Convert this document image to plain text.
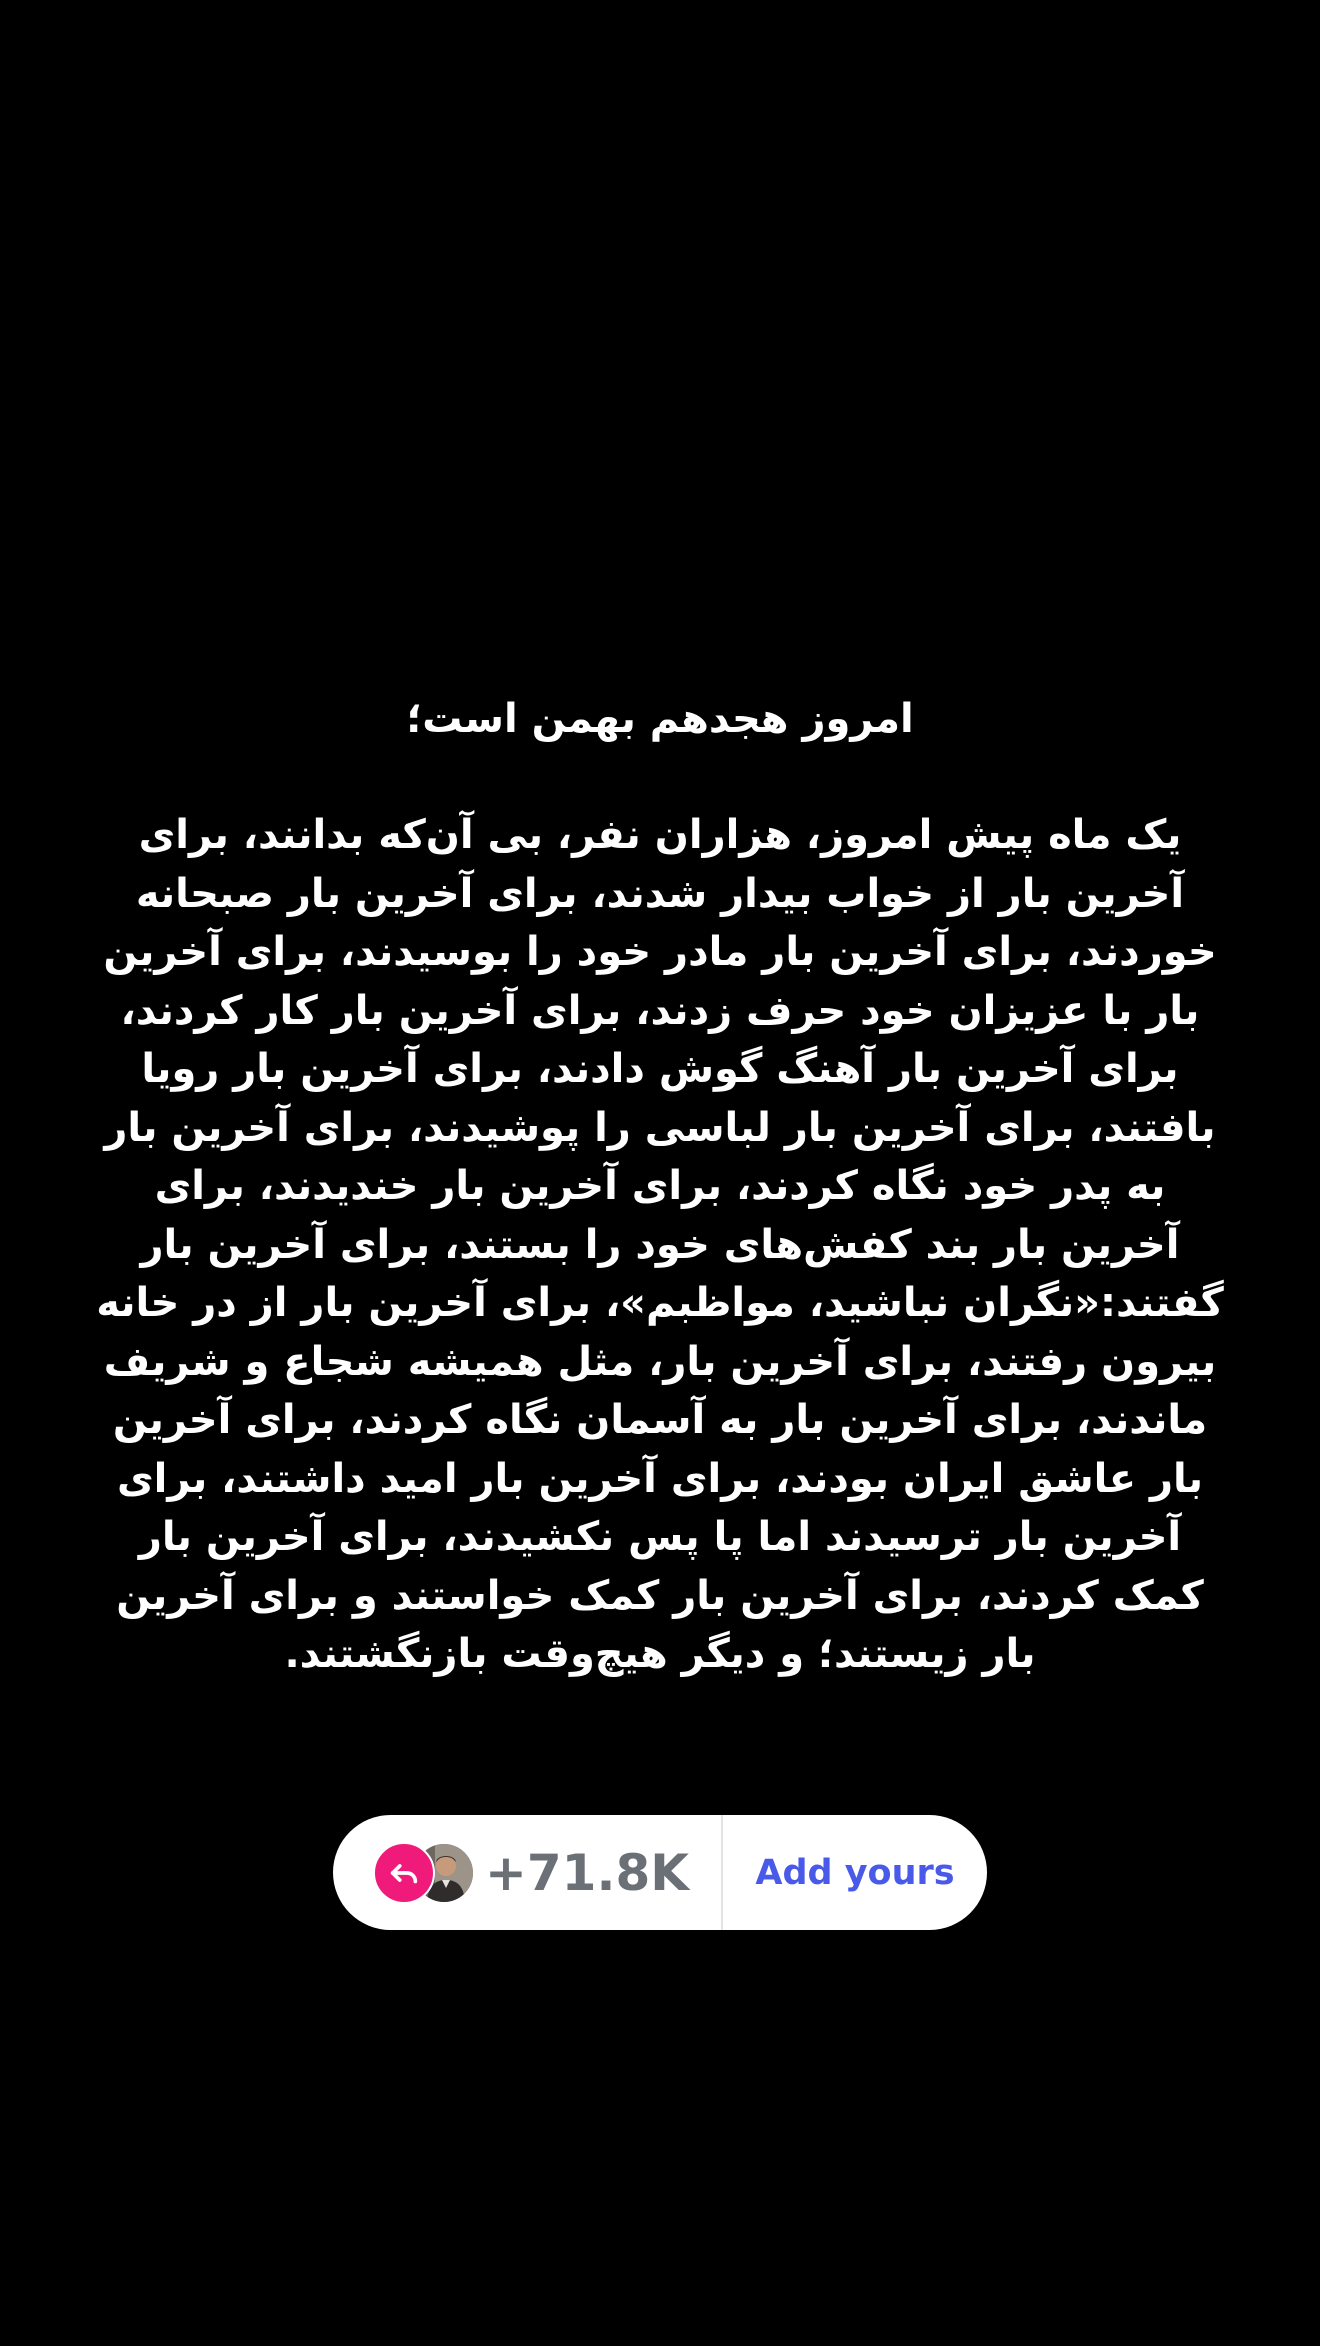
امروز هجدهم بهمن است؛

یک ماه پیش امروز، هزاران نفر، بی آن‌که بدانند، برای آخرین بار از خواب بیدار شدند، برای آخرین بار صبحانه خوردند، برای آخرین بار مادر خود را بوسیدند، برای آخرین بار با عزیزان خود حرف زدند، برای آخرین بار کار کردند، برای آخرین بار آهنگ گوش دادند، برای آخرین بار رویا بافتند، برای آخرین بار لباسی را پوشیدند، برای آخرین بار به پدر خود نگاه کردند، برای آخرین بار خندیدند، برای آخرین بار بند کفش‌های خود را بستند، برای آخرین بار گفتند:«نگران نباشید، مواظبم»، برای آخرین بار از در خانه بیرون رفتند، برای آخرین بار، مثل همیشه شجاع و شریف ماندند، برای آخرین بار به آسمان نگاه کردند، برای آخرین بار عاشق ایران بودند، برای آخرین بار امید داشتند، برای آخرین بار ترسیدند اما پا پس نکشیدند، برای آخرین بار کمک کردند، برای آخرین بار کمک خواستند و برای آخرین بار زیستند؛ و دیگر هیچ‌وقت بازنگشتند.

+71.8K	Add yours
